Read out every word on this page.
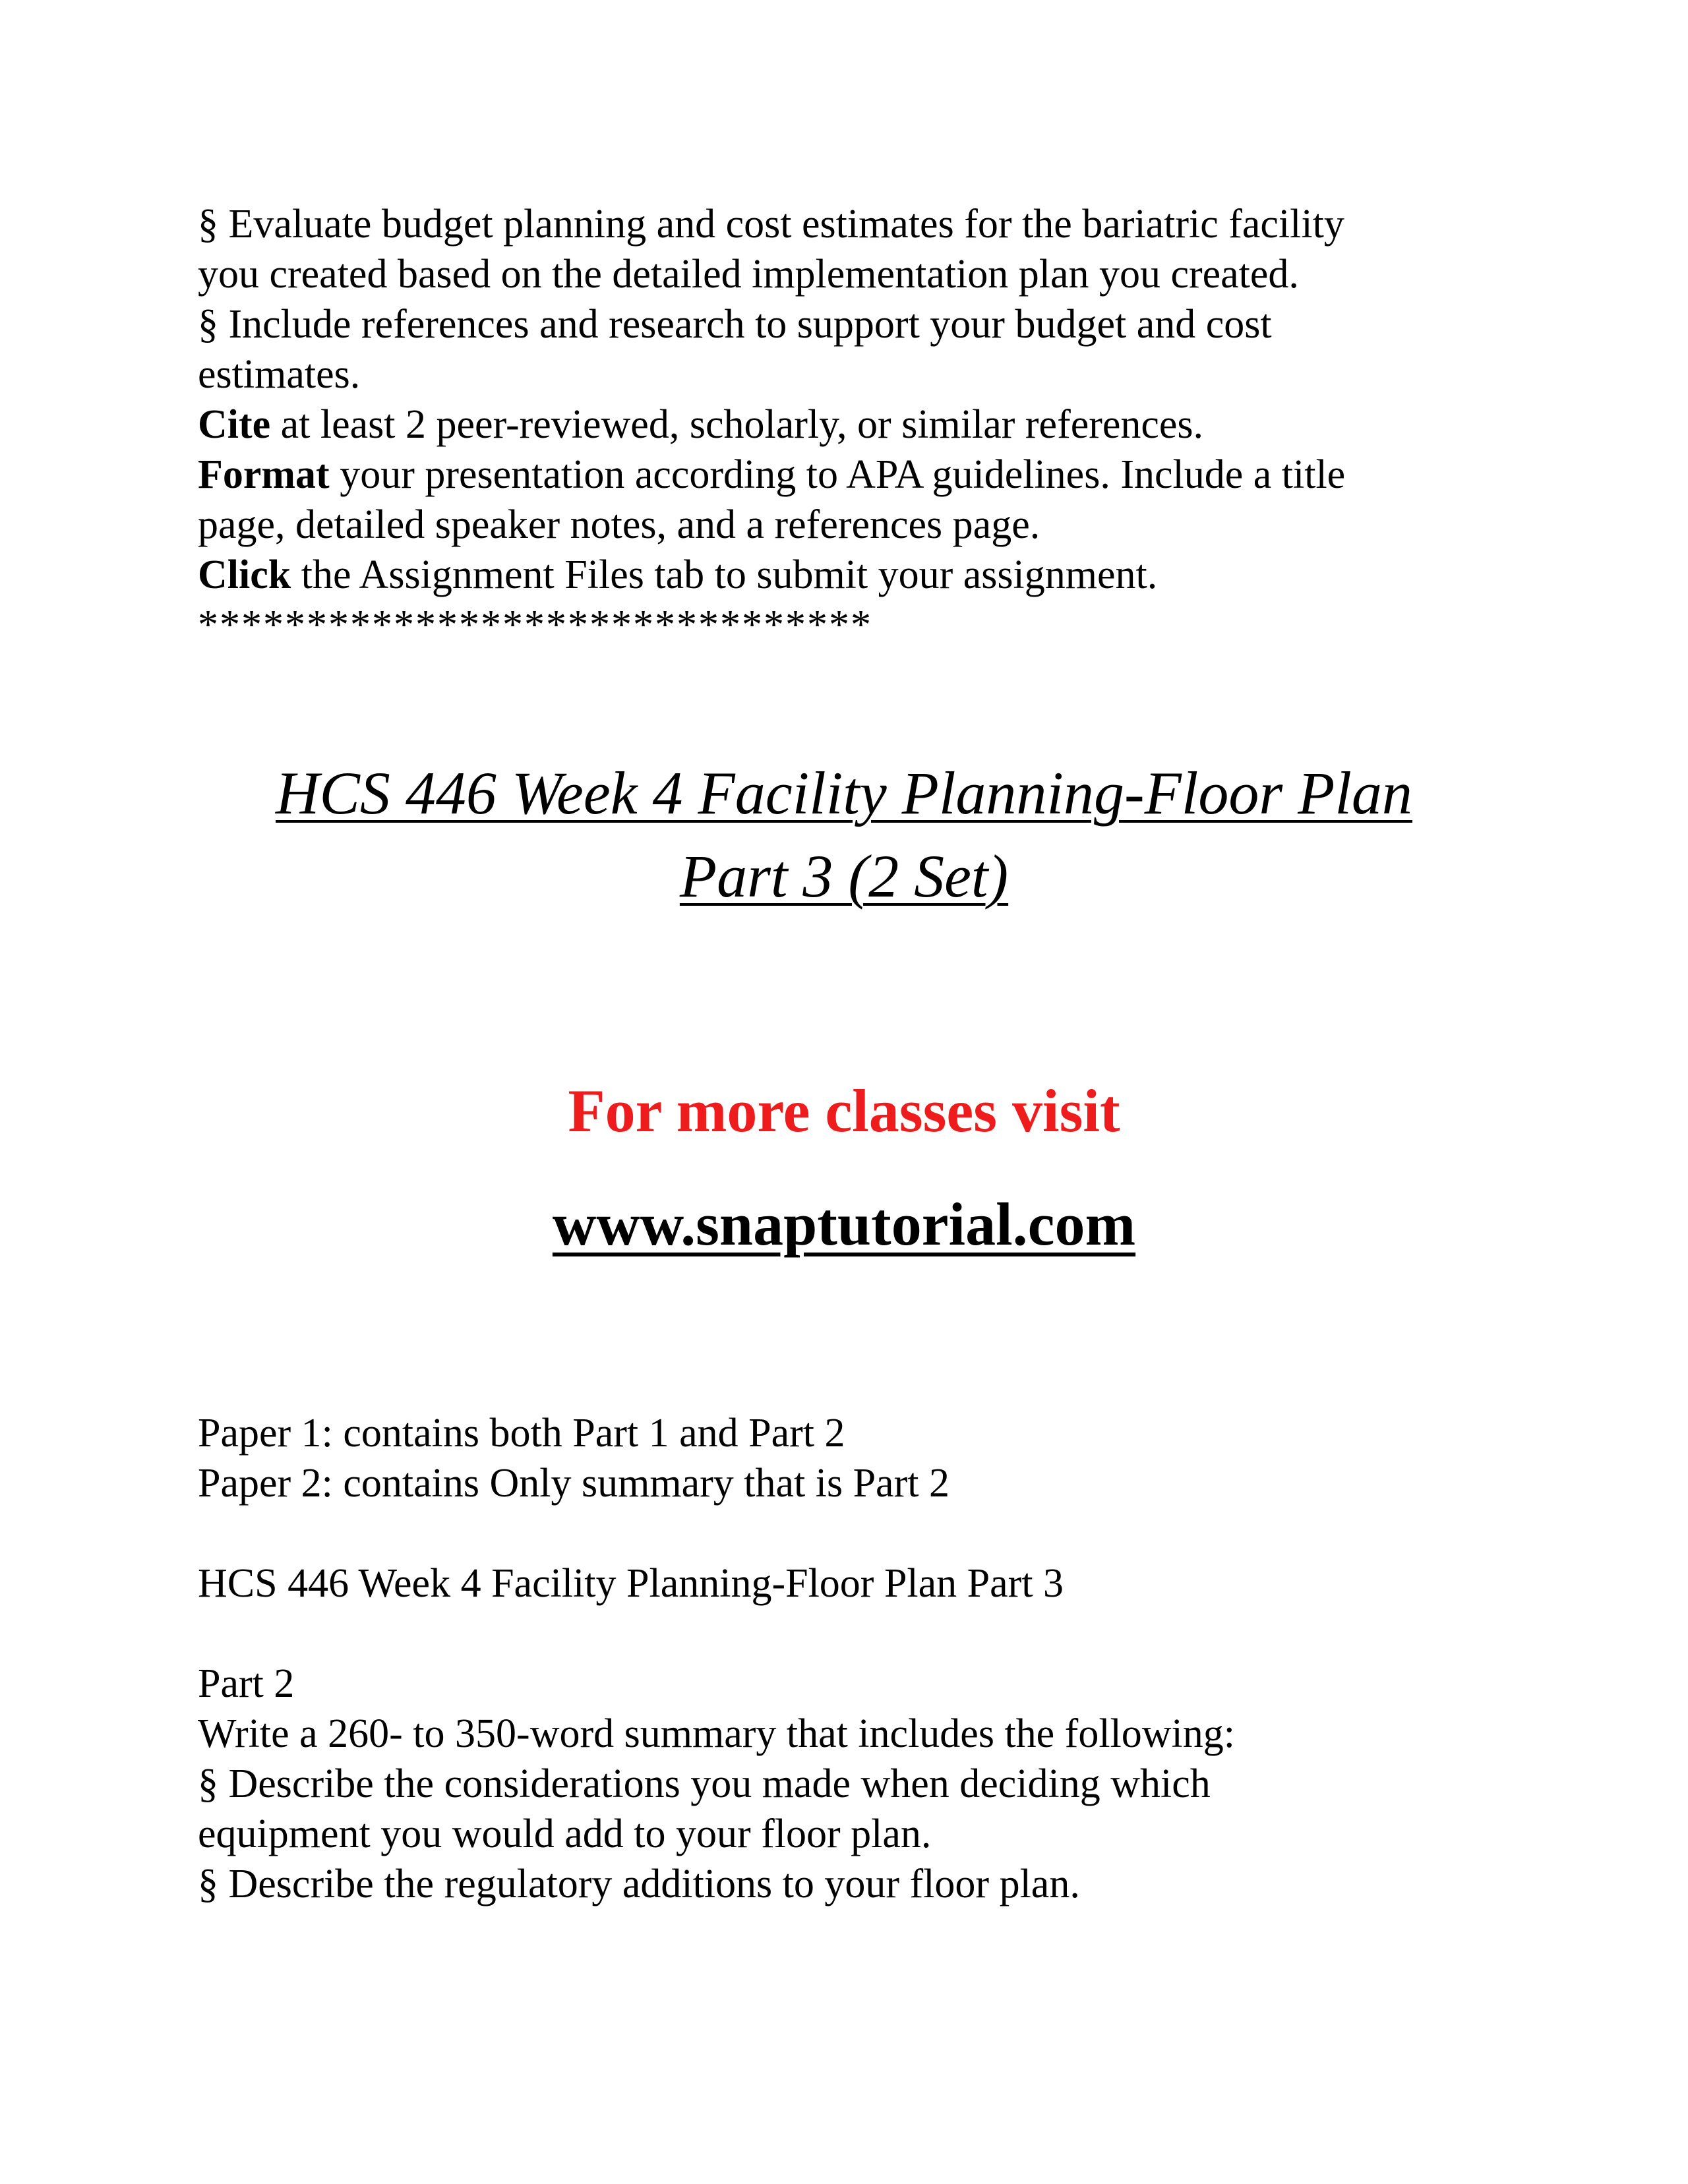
§ Evaluate budget planning and cost estimates for the bariatric facility
you created based on the detailed implementation plan you created.
§ Include references and research to support your budget and cost
estimates.
Cite at least 2 peer-reviewed, scholarly, or similar references.
Format your presentation according to APA guidelines. Include a title
page, detailed speaker notes, and a references page.
Click the Assignment Files tab to submit your assignment.
*******************************
HCS 446 Week 4 Facility Planning-Floor Plan
Part 3 (2 Set)
For more classes visit
www.snaptutorial.com
Paper 1: contains both Part 1 and Part 2
Paper 2: contains Only summary that is Part 2
HCS 446 Week 4 Facility Planning-Floor Plan Part 3
Part 2
Write a 260- to 350-word summary that includes the following:
§ Describe the considerations you made when deciding which
equipment you would add to your floor plan.
§ Describe the regulatory additions to your floor plan.
